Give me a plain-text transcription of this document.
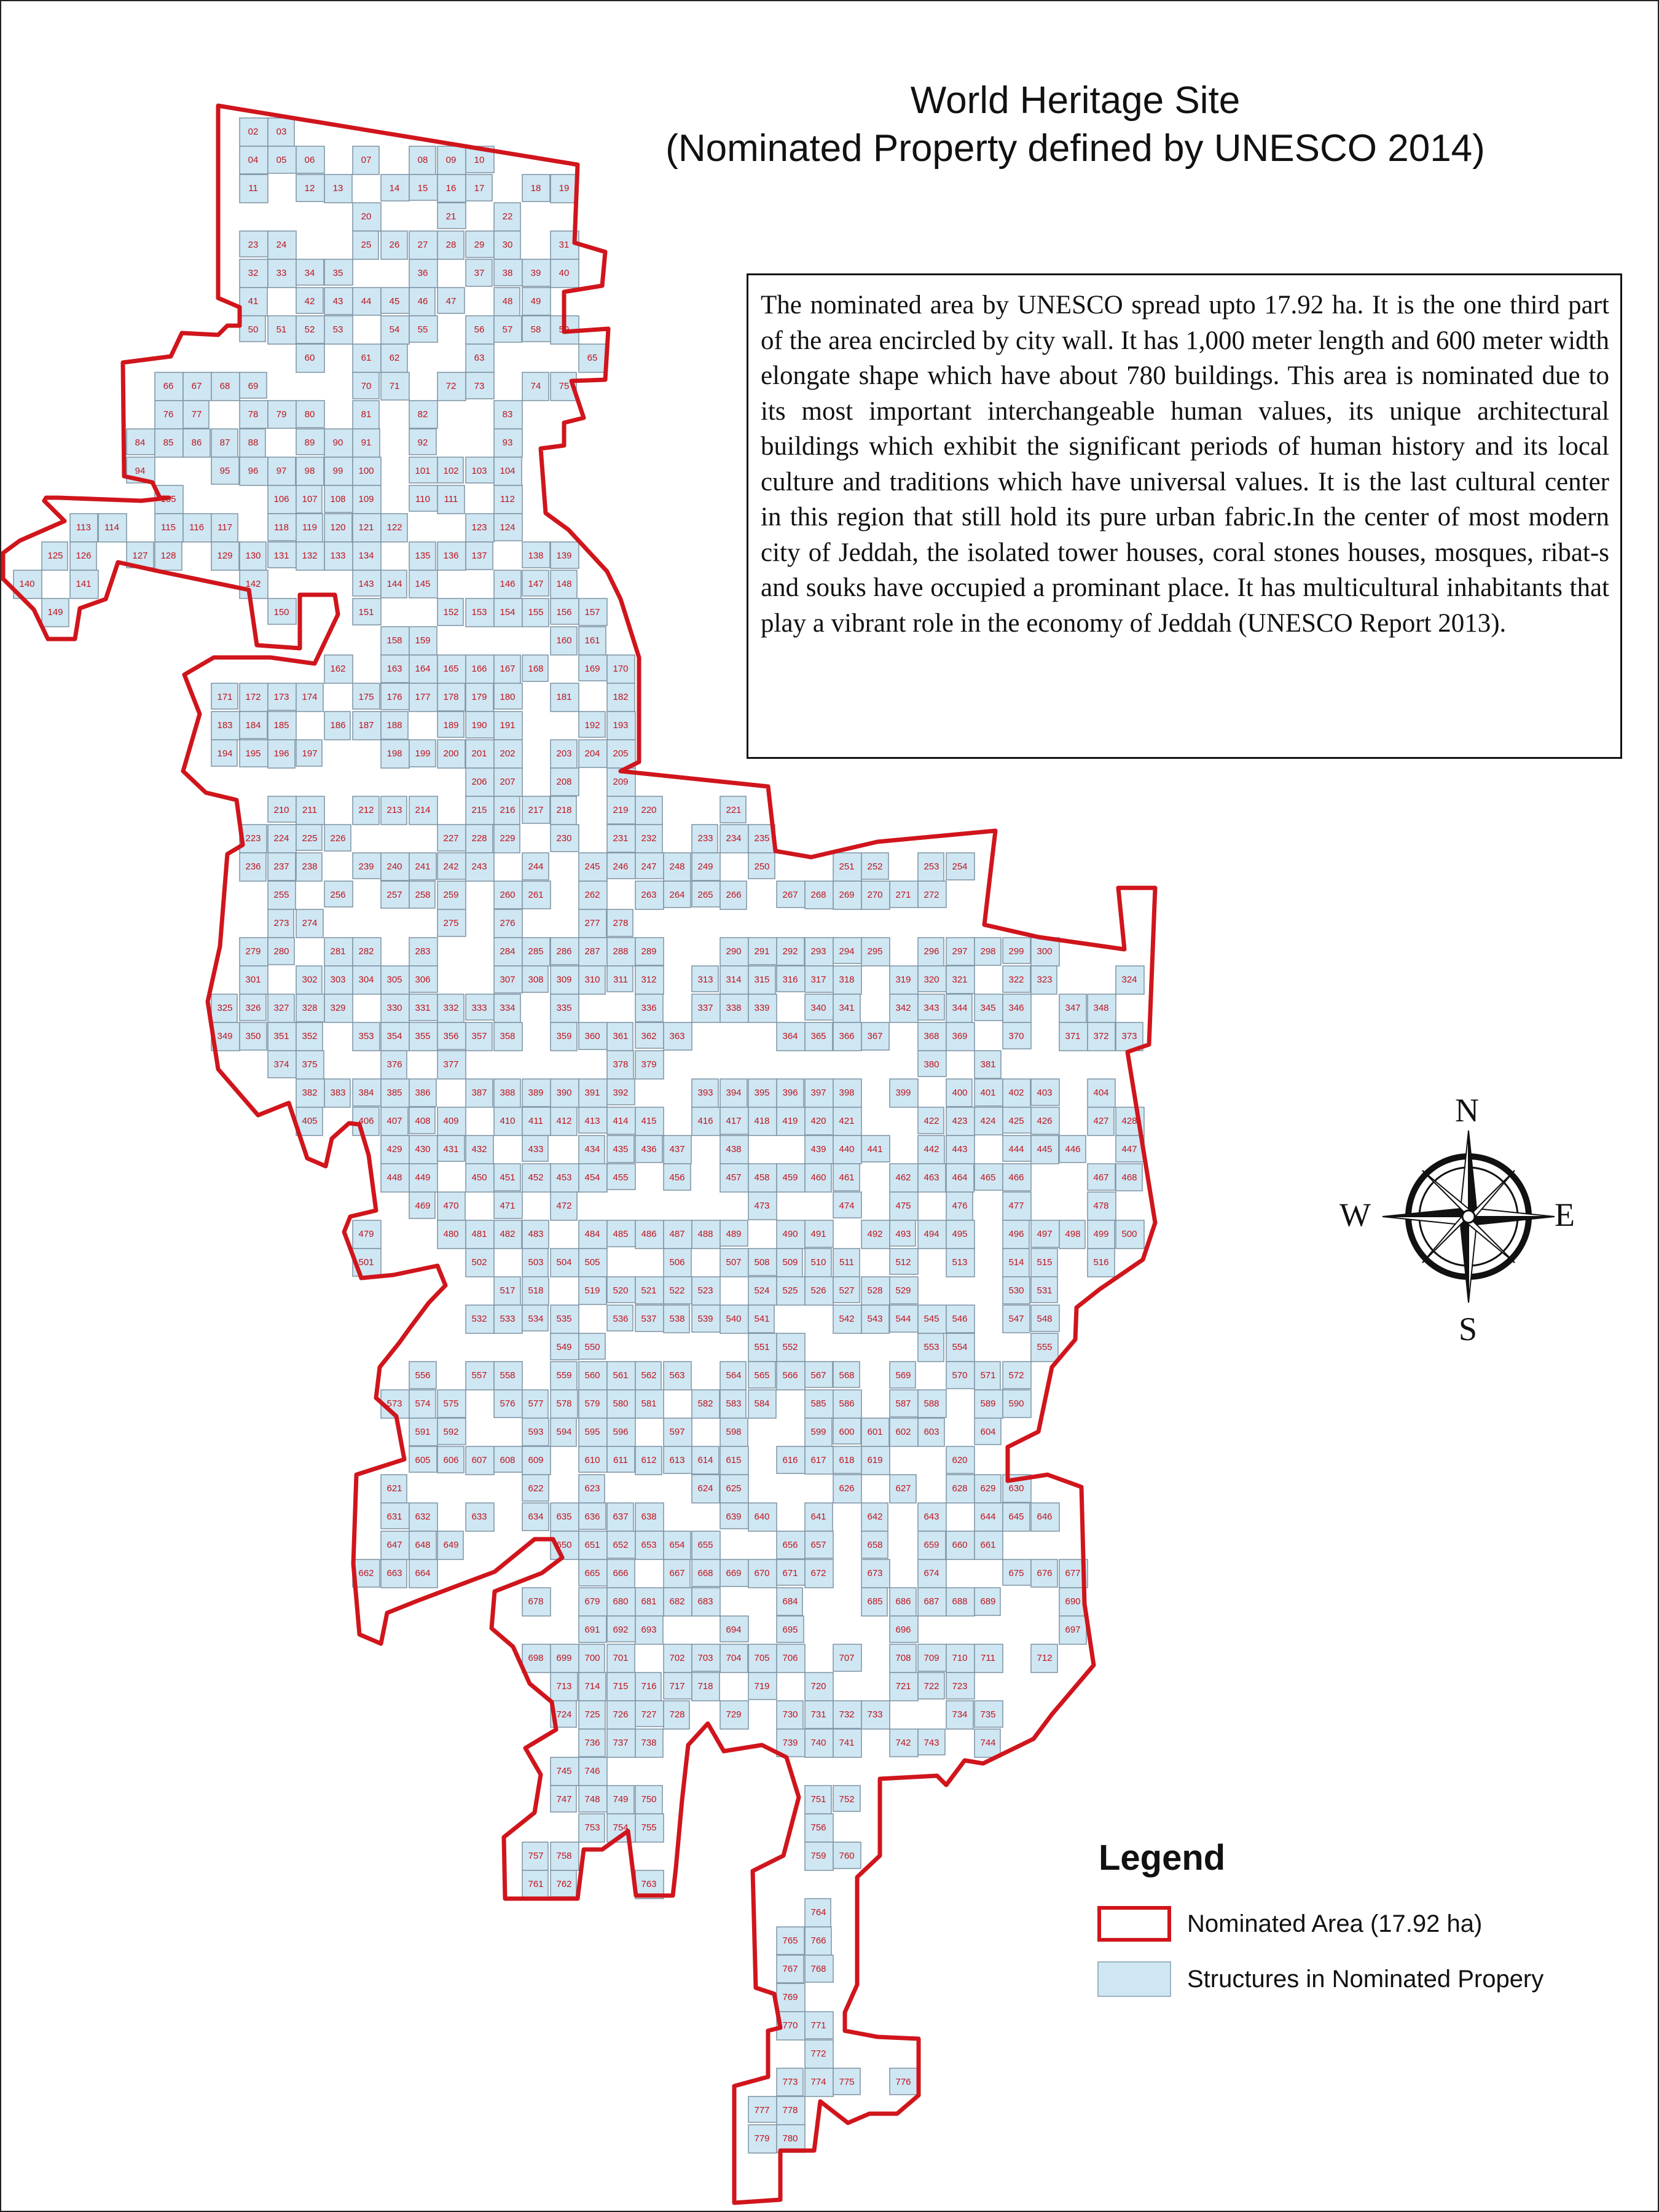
02 03
04 05 06	07	08 09 10
11	12 13	14 15 16 17	18 19
20	21	22
23 24	25 26 27 28 29 30	31
32 33 34 35	36	37 38 39 40
41	42 43 44 45 46 47	48 49
50 51 52 53	54 55	56 57 58 59
60	61 62	63	65
66 67 68 69	70 71	72 73	74 75
76 77	78 79 80	81	82	83
84 85 86 87 88	89 90 91	92	93
94	95 96 97 98 99 100	101 102 103 104
105	106 107 108 109	110 111	112
113 114	115 116 117	118 119 120 121 122	123 124
125 126	127 128	129 130 131 132 133 134	135 136 137	138 139
140	141	142	143 144 145	146 147 148
149	150	151	152 153 154 155 156 157
158 159	160 161
162	163 164 165 166 167 168	169 170
171 172 173 174	175 176 177 178 179 180	181	182
183 184 185	186 187 188	189 190 191	192 193
194 195 196 197	198 199 200 201 202	203 204 205
206 207	208	209
210 211	212 213 214	215 216 217 218	219 220	221
223 224 225 226	227 228 229	230	231 232	233 234 235
236 237 238	239 240 241 242 243	244	245 246 247 248 249	250	251 252	253 254
255	256	257 258 259	260 261	262	263 264 265 266	267 268 269 270 271 272
273 274	275	276	277 278
279 280	281 282	283	284 285 286 287 288 289	290 291 292 293 294 295	296 297 298 299 300
301	302 303 304 305 306	307 308 309 310 311 312	313 314 315 316 317 318	319 320 321	322 323	324
325 326 327 328 329	330 331 332 333 334	335	336	337 338 339	340 341	342 343 344 345 346	347 348
349 350 351 352	353 354 355 356 357 358	359 360 361 362 363	364 365 366 367	368 369	370	371 372 373
374 375	376	377	378 379	380	381
382 383 384 385 386	387 388 389 390 391 392	393 394 395 396 397 398	399	400 401 402 403	404
405	406 407 408 409	410 411 412 413 414 415	416 417 418 419 420 421	422 423 424 425 426	427 428
429 430 431 432	433	434 435 436 437	438	439 440 441	442 443	444 445 446	447
448 449	450 451 452 453 454 455	456	457 458 459 460 461	462 463 464 465 466	467 468
469 470	471	472	473	474	475	476	477	478
479	480 481 482 483	484 485 486 487 488 489	490 491	492 493 494 495	496 497 498 499 500
501	502	503 504 505	506	507 508 509 510 511	512	513	514 515	516
517 518	519 520 521 522 523	524 525 526 527 528 529	530 531
532 533 534 535	536 537 538 539 540 541	542 543 544 545 546	547 548
549 550	551 552	553 554	555
556	557 558	559 560 561 562 563	564 565 566 567 568	569	570 571 572
573 574 575	576 577 578 579 580 581	582 583 584	585 586	587 588	589 590
591 592	593 594 595 596	597	598	599 600 601 602 603	604
605 606 607 608 609	610 611 612 613 614 615	616 617 618 619	620
621	622	623	624 625	626	627	628 629 630
631 632	633	634 635 636 637 638	639 640	641	642	643	644 645 646
647 648 649	650 651 652 653 654 655	656 657	658	659 660 661
662 663 664	665 666	667 668 669 670 671 672	673	674	675 676 677
678	679 680 681 682 683	684	685 686 687 688 689	690
691 692 693	694	695	696	697
698 699 700 701	702 703 704 705 706	707	708 709 710 711	712
713 714 715 716 717 718	719	720	721 722 723
724 725 726 727 728	729	730 731 732 733	734 735
736 737 738	739 740 741	742 743	744
745 746
747 748 749 750	751 752
753 754 755	756
757 758	759 760
761 762	763
764
765 766
767 768
769
770 771
772
773 774 775	776
777 778
779 780
World Heritage Site
(Nominated Property defined by UNESCO 2014)

The nominated area by UNESCO spread upto 17.92 ha. It is the one third part of the area encircled by city wall. It has 1,000 meter length and 600 meter width elongate shape which have about 780 buildings. This area is nominated due to its most important interchangeable human values, its unique architectural buildings which exhibit the significant periods of human history and its local culture and traditions which have universal values. It is the last cultural center in this region that still hold its pure urban fabric.In the center of most modern city of Jeddah, the isolated tower houses, coral stones houses, mosques, ribat-s and souks have occupied a prominant place. It has multicultural inhabitants that play a vibrant role in the economy of Jeddah (UNESCO Report 2013).

N
S
E
W
Legend
Nominated Area (17.92 ha)
Structures in Nominated Propery
